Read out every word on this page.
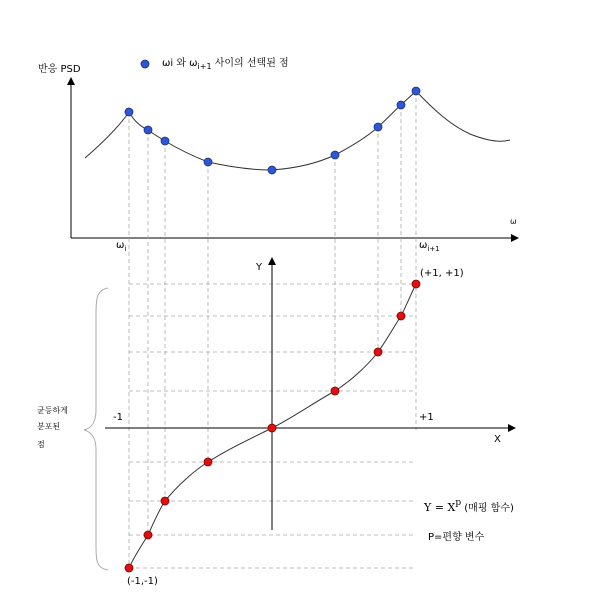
반응 PSD
ω
ωi 와 $\omega_{i+1}$ 사이의 선택된 점
$\omega_i$	$\omega_{i+1}$
Y
X
-1	+1
(+1, +1)
(-1,-1)
균등하게
분포된
점
$Y = X^p$ (매핑 함수)
P=편향 변수
